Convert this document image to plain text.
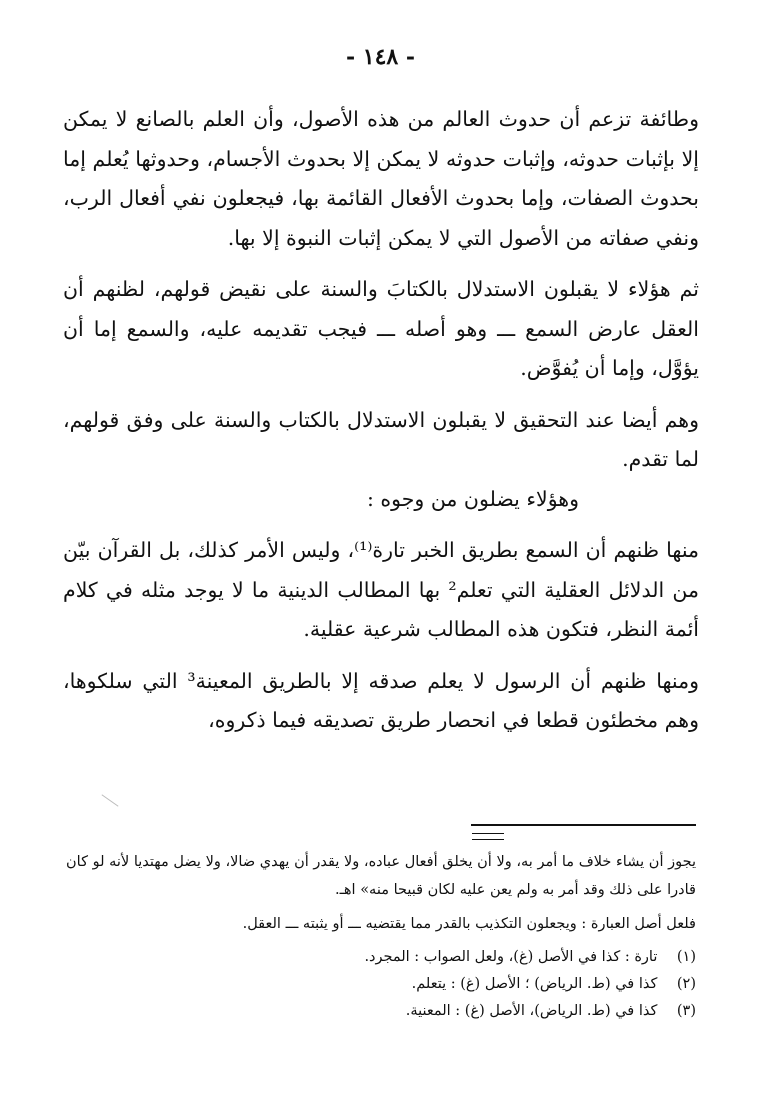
- ١٤٨ -

وطائفة تزعم أن حدوث العالم من هذه الأصول، وأن العلم بالصانع لا يمكن إلا بإثبات حدوثه، وإثبات حدوثه لا يمكن إلا بحدوث الأجسام، وحدوثها يُعلم إما بحدوث الصفات، وإما بحدوث الأفعال القائمة بها، فيجعلون نفي أفعال الرب، ونفي صفاته من الأصول التي لا يمكن إثبات النبوة إلا بها.

ثم هؤلاء لا يقبلون الاستدلال بالكتابَ والسنة على نقيض قولهم، لظنهم أن العقل عارض السمع ـــ وهو أصله ـــ فيجب تقديمه عليه، والسمع إما أن يؤوَّل، وإما أن يُفوَّض.

وهم أيضا عند التحقيق لا يقبلون الاستدلال بالكتاب والسنة على وفق قولهم، لما تقدم.

وهؤلاء يضلون من وجوه :

منها ظنهم أن السمع بطريق الخبر تارة⁽¹⁾، وليس الأمر كذلك، بل القرآن بيّن من الدلائل العقلية التي تعلم² بها المطالب الدينية ما لا يوجد مثله في كلام أئمة النظر، فتكون هذه المطالب شرعية عقلية.

ومنها ظنهم أن الرسول لا يعلم صدقه إلا بالطريق المعينة³ التي سلكوها، وهم مخطئون قطعا في انحصار طريق تصديقه فيما ذكروه،

يجوز أن يشاء خلاف ما أمر به، ولا أن يخلق أفعال عباده، ولا يقدر أن يهدي ضالا، ولا يضل مهتديا لأنه لو كان قادرا على ذلك وقد أمر به ولم يعن عليه لكان قبيحا منه» اهـ.

فلعل أصل العبارة : ويجعلون التكذيب بالقدر مما يقتضيه ـــ أو يثبته ـــ العقل.

(١) تارة : كذا في الأصل (غ)، ولعل الصواب : المجرد.

(٢) كذا في (ط. الرياض) ؛ الأصل (غ) : يتعلم.

(٣) كذا في (ط. الرياض)، الأصل (غ) : المعنية.
